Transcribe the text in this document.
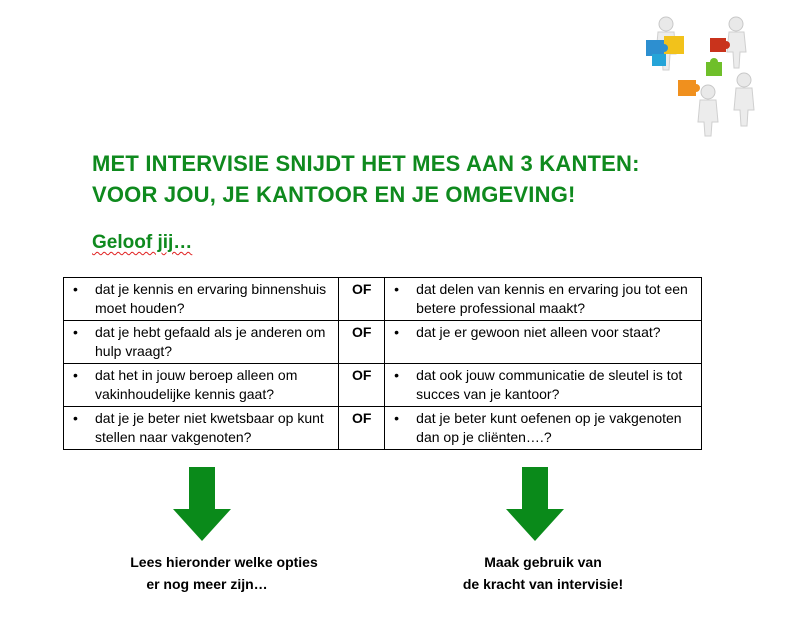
MET INTERVISIE SNIJDT HET MES AAN 3 KANTEN:
VOOR JOU, JE KANTOOR EN JE OMGEVING!
Geloof jij…
• dat je kennis en ervaring binnenshuis moet houden?	OF	• dat delen van kennis en ervaring jou tot een betere professional maakt?

• dat je hebt gefaald als je anderen om hulp vraagt?	OF	• dat je er gewoon niet alleen voor staat?

• dat het in jouw beroep alleen om vakinhoudelijke kennis gaat?	OF	• dat ook jouw communicatie de sleutel is tot succes van je kantoor?

• dat je je beter niet kwetsbaar op kunt stellen naar vakgenoten?	OF	• dat je beter kunt oefenen op je vakgenoten dan op je cliënten….?
Lees hieronder welke opties
er nog meer zijn…
Maak gebruik van
de kracht van intervisie!
